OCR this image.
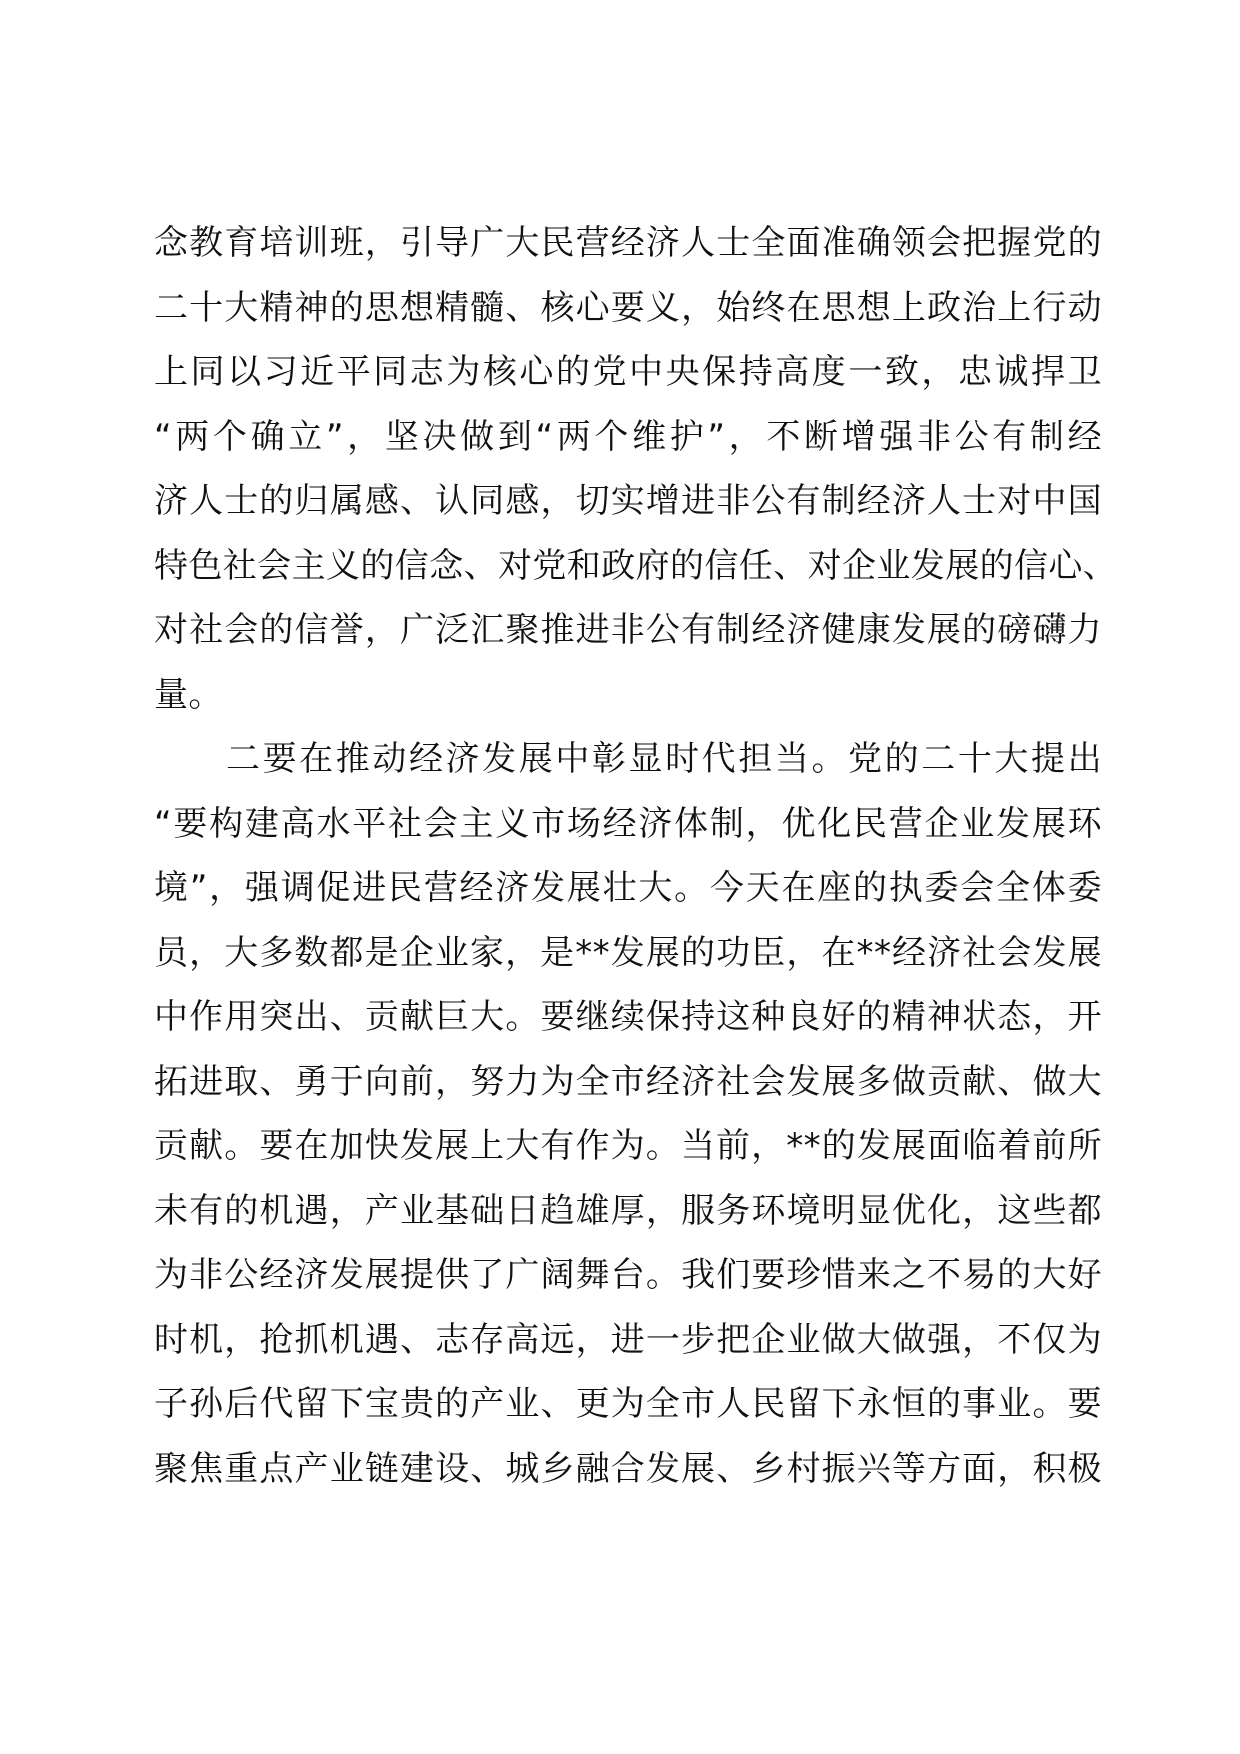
念教育培训班，引导广大民营经济人士全面准确领会把握党的
二十大精神的思想精髓、核心要义，始终在思想上政治上行动
上同以习近平同志为核心的党中央保持高度一致，忠诚捍卫
“两个确立”，坚决做到“两个维护”，不断增强非公有制经
济人士的归属感、认同感，切实增进非公有制经济人士对中国
特色社会主义的信念、对党和政府的信任、对企业发展的信心、
对社会的信誉，广泛汇聚推进非公有制经济健康发展的磅礴力
量。
二要在推动经济发展中彰显时代担当。党的二十大提出
“要构建高水平社会主义市场经济体制，优化民营企业发展环
境”，强调促进民营经济发展壮大。今天在座的执委会全体委
员，大多数都是企业家，是**发展的功臣，在**经济社会发展
中作用突出、贡献巨大。要继续保持这种良好的精神状态，开
拓进取、勇于向前，努力为全市经济社会发展多做贡献、做大
贡献。要在加快发展上大有作为。当前，**的发展面临着前所
未有的机遇，产业基础日趋雄厚，服务环境明显优化，这些都
为非公经济发展提供了广阔舞台。我们要珍惜来之不易的大好
时机，抢抓机遇、志存高远，进一步把企业做大做强，不仅为
子孙后代留下宝贵的产业、更为全市人民留下永恒的事业。要
聚焦重点产业链建设、城乡融合发展、乡村振兴等方面，积极
